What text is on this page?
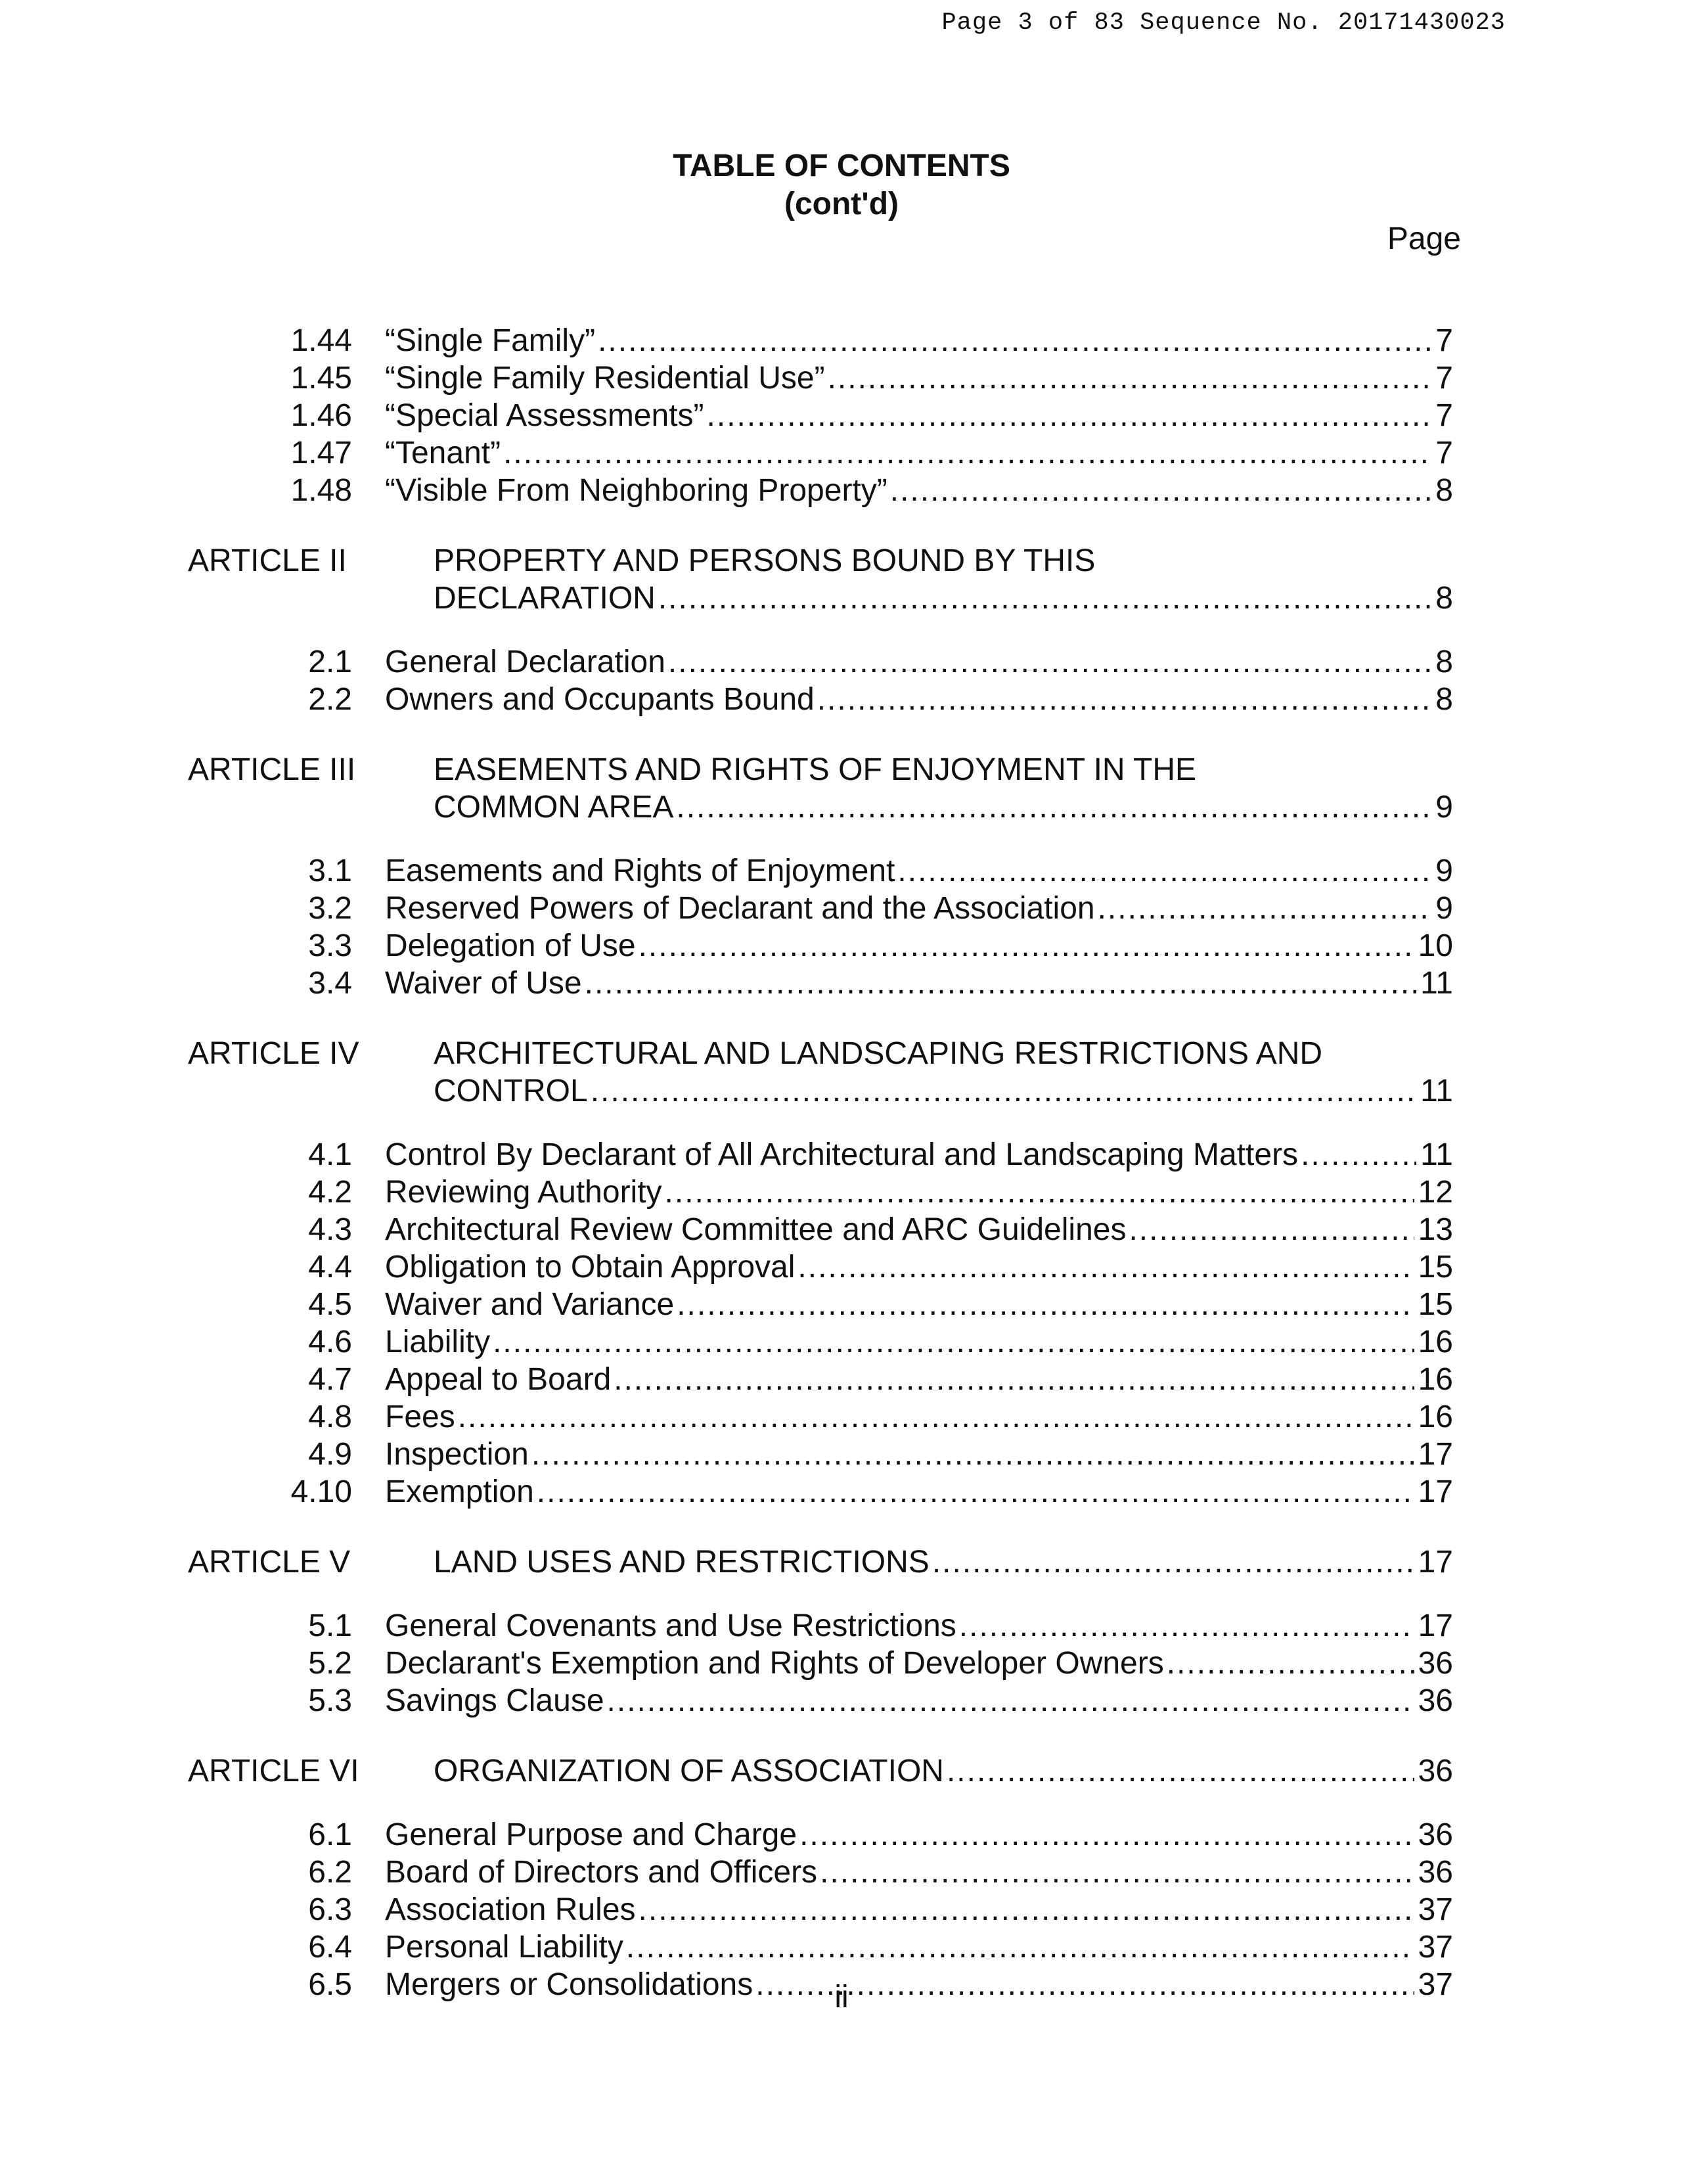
Page 3 of 83 Sequence No. 20171430023
TABLE OF CONTENTS
(cont'd)
Page
1.44 “Single Family” .....	7
1.45 “Single Family Residential Use” .....	7
1.46 “Special Assessments” .....	7
1.47 “Tenant” .....	7
1.48 “Visible From Neighboring Property” .....	8
ARTICLE II	PROPERTY AND PERSONS BOUND BY THIS
DECLARATION .....	8
2.1 General Declaration .....	8
2.2 Owners and Occupants Bound .....	8
ARTICLE III EASEMENTS AND RIGHTS OF ENJOYMENT IN THE
COMMON AREA .....	9
3.1 Easements and Rights of Enjoyment .....	9
3.2 Reserved Powers of Declarant and the Association .....	9
3.3 Delegation of Use .....	10
3.4 Waiver of Use .....	11
ARTICLE IV ARCHITECTURAL AND LANDSCAPING RESTRICTIONS AND
CONTROL .....	11
4.1 Control By Declarant of All Architectural and Landscaping Matters .....	11
4.2 Reviewing Authority .....	12
4.3 Architectural Review Committee and ARC Guidelines .....	13
4.4 Obligation to Obtain Approval .....	15
4.5 Waiver and Variance .....	15
4.6 Liability .....	16
4.7 Appeal to Board .....	16
4.8 Fees .....	16
4.9 Inspection .....	17
4.10 Exemption .....	17
ARTICLE V	LAND USES AND RESTRICTIONS .....	17
5.1 General Covenants and Use Restrictions .....	17
5.2 Declarant's Exemption and Rights of Developer Owners .....	36
5.3 Savings Clause .....	36
ARTICLE VI ORGANIZATION OF ASSOCIATION .....	36
6.1 General Purpose and Charge .....	36
6.2 Board of Directors and Officers .....	36
6.3 Association Rules .....	37
6.4 Personal Liability .....	37
6.5 Mergers or Consolidations .....	37
ii
